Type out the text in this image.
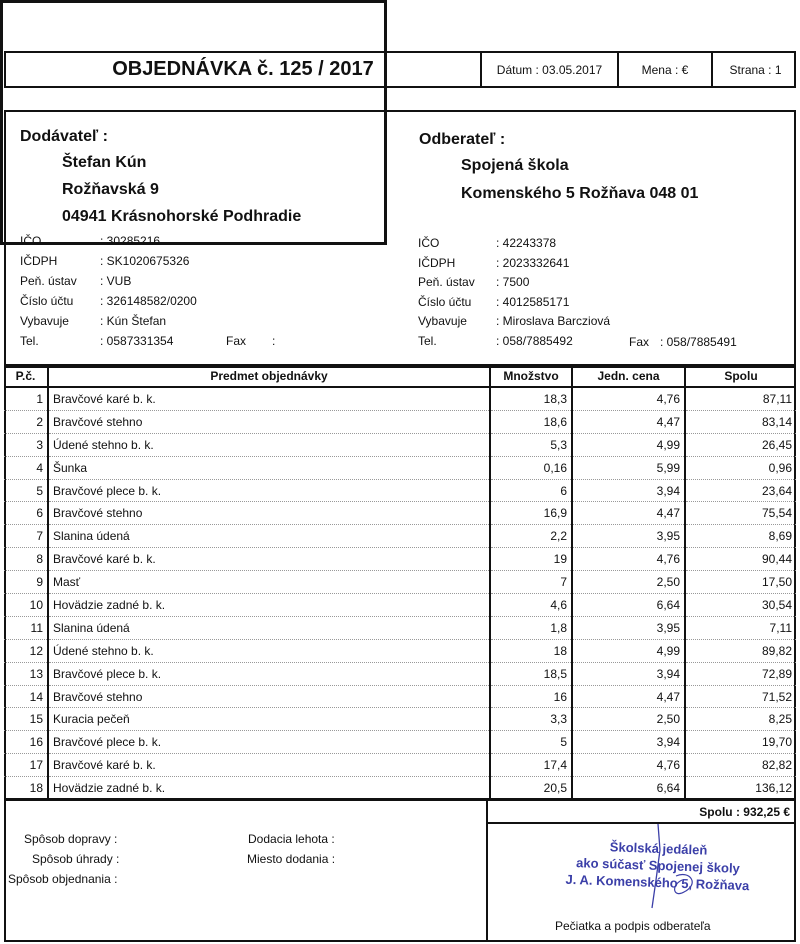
OBJEDNÁVKA č. 125 / 2017	Dátum : 03.05.2017	Mena : €	Strana : 1
Dodávateľ :
Štefan Kún
Rožňavská 9
04941 Krásnohorské Podhradie
IČO	: 30285216
IČDPH	: SK1020675326
Peň. ústav : VUB
Číslo účtu : 326148582/0200
Vybavuje	: Kún Štefan
Tel.	: 0587331354	Fax :
Odberateľ :
Spojená škola
Komenského 5 Rožňava 048 01
IČO	: 42243378
IČDPH	: 2023332641
Peň. ústav : 7500
Číslo účtu : 4012585171
Vybavuje : Miroslava Barcziová
Tel.	: 058/7885492	Fax : 058/7885491
P.č.	Predmet objednávky	Množstvo	Jedn. cena	Spolu
1	Bravčové karé b. k.	18,3	4,76	87,11
2	Bravčové stehno	18,6	4,47	83,14
3	Údené stehno b. k.	5,3	4,99	26,45
4	Šunka	0,16	5,99	0,96
5	Bravčové plece b. k.	6	3,94	23,64
6	Bravčové stehno	16,9	4,47	75,54
7	Slanina údená	2,2	3,95	8,69
8	Bravčové karé b. k.	19	4,76	90,44
9	Masť	7	2,50	17,50
10	Hovädzie zadné b. k.	4,6	6,64	30,54
11	Slanina údená	1,8	3,95	7,11
12	Údené stehno b. k.	18	4,99	89,82
13	Bravčové plece b. k.	18,5	3,94	72,89
14	Bravčové stehno	16	4,47	71,52
15	Kuracia pečeň	3,3	2,50	8,25
16	Bravčové plece b. k.	5	3,94	19,70
17	Bravčové karé b. k.	17,4	4,76	82,82
18	Hovädzie zadné b. k.	20,5	6,64	136,12
Spolu : 932,25 €
Spôsob dopravy :
Spôsob úhrady :
Spôsob objednania :
Dodacia lehota :
Miesto dodania :
Školská jedáleň
ako súčasť Spojenej školy
J. A. Komenského 5, Rožňava
Pečiatka a podpis odberateľa
